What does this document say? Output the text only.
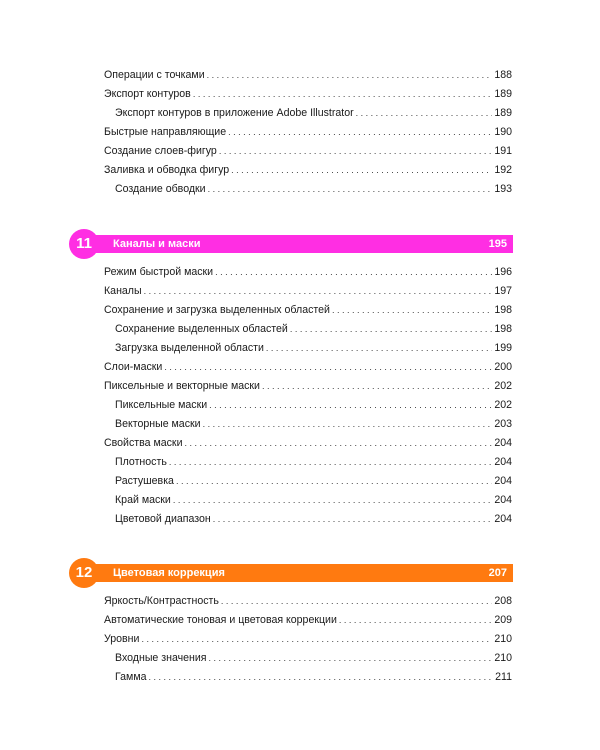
Операции с точками . . .	188
Экспорт контуров . . .	189
Экспорт контуров в приложение Adobe Illustrator . . .	189
Быстрые направляющие . . .	190
Создание слоев-фигур . . .	191
Заливка и обводка фигур . . .	192
Создание обводки . . .	193
11	Каналы и маски	195
Режим быстрой маски . . .	196
Каналы . . .	197
Сохранение и загрузка выделенных областей . . .	198
Сохранение выделенных областей . . .	198
Загрузка выделенной области . . .	199
Слои-маски . . .	200
Пиксельные и векторные маски . . .	202
Пиксельные маски . . .	202
Векторные маски . . .	203
Свойства маски . . .	204
Плотность . . .	204
Растушевка . . .	204
Край маски . . .	204
Цветовой диапазон . . .	204
12	Цветовая коррекция	207
Яркость/Контрастность . . .	208
Автоматические тоновая и цветовая коррекции . . .	209
Уровни . . .	210
Входные значения . . .	210
Гамма . . .	211
